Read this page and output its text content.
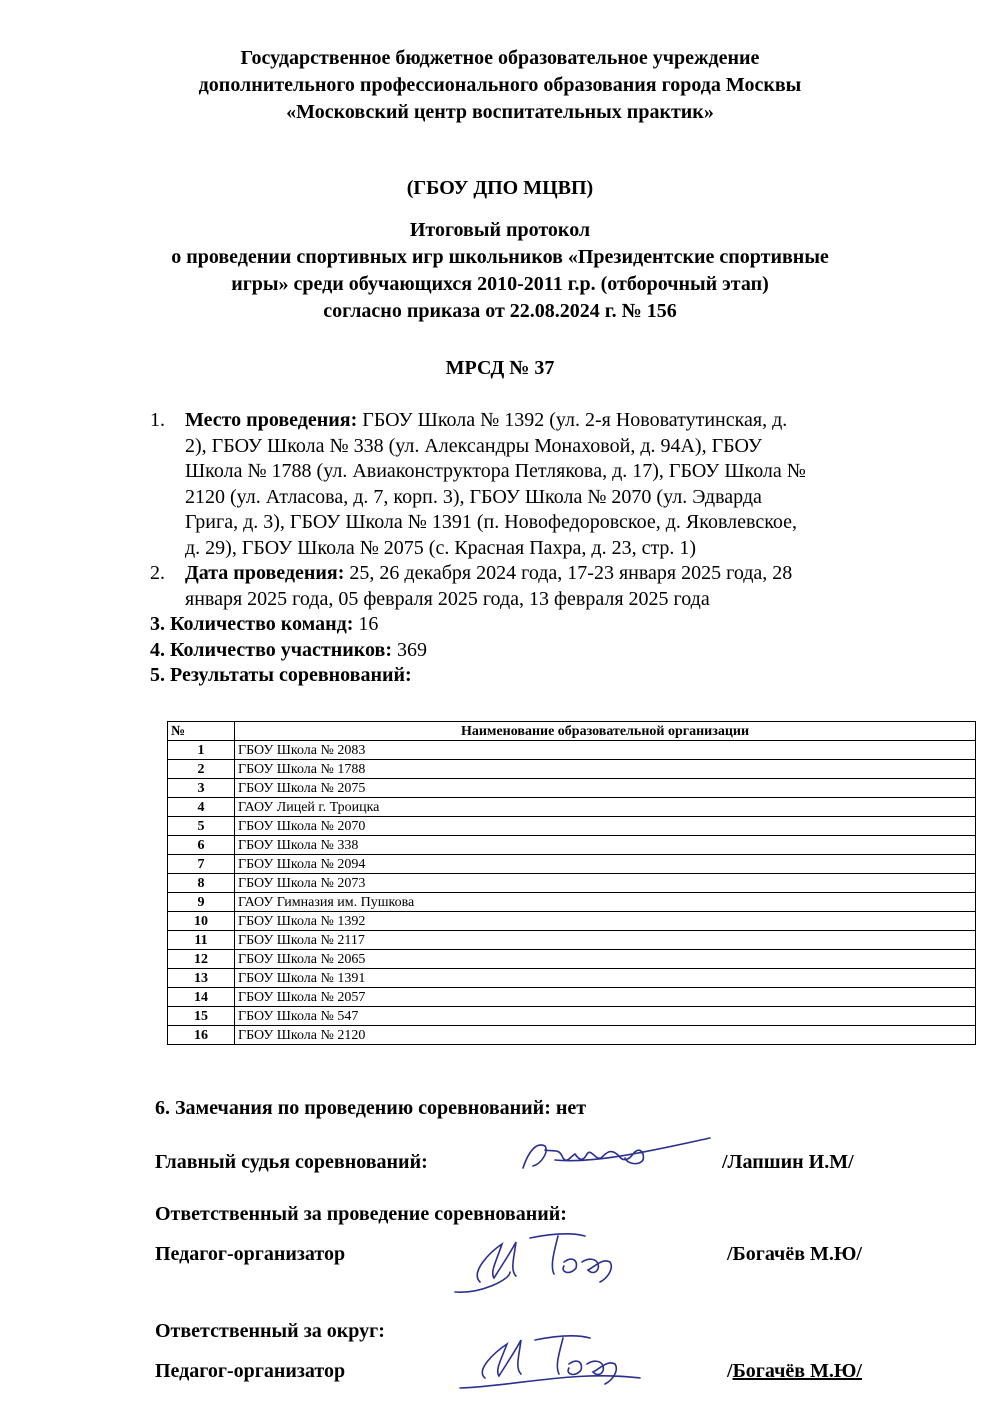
Государственное бюджетное образовательное учреждение
дополнительного профессионального образования города Москвы
«Московский центр воспитательных практик»
(ГБОУ ДПО МЦВП)
Итоговый протокол
о проведении спортивных игр школьников «Президентские спортивные
игры» среди обучающихся 2010-2011 г.р. (отборочный этап)
согласно приказа от 22.08.2024 г. № 156
МРСД № 37
1. Место проведения: ГБОУ Школа № 1392 (ул. 2-я Нововатутинская, д.
2), ГБОУ Школа № 338 (ул. Александры Монаховой, д. 94А), ГБОУ
Школа № 1788 (ул. Авиаконструктора Петлякова, д. 17), ГБОУ Школа №
2120 (ул. Атласова, д. 7, корп. 3), ГБОУ Школа № 2070 (ул. Эдварда
Грига, д. 3), ГБОУ Школа № 1391 (п. Новофедоровское, д. Яковлевское,
д. 29), ГБОУ Школа № 2075 (с. Красная Пахра, д. 23, стр. 1)
2. Дата проведения: 25, 26 декабря 2024 года, 17-23 января 2025 года, 28
января 2025 года, 05 февраля 2025 года, 13 февраля 2025 года
3. Количество команд: 16
4. Количество участников: 369
5. Результаты соревнований:
№	Наименование образовательной организации
1	ГБОУ Школа № 2083
2	ГБОУ Школа № 1788
3	ГБОУ Школа № 2075
4	ГАОУ Лицей г. Троицка
5	ГБОУ Школа № 2070
6	ГБОУ Школа № 338
7	ГБОУ Школа № 2094
8	ГБОУ Школа № 2073
9	ГАОУ Гимназия им. Пушкова
10	ГБОУ Школа № 1392
11	ГБОУ Школа № 2117
12	ГБОУ Школа № 2065
13	ГБОУ Школа № 1391
14	ГБОУ Школа № 2057
15	ГБОУ Школа № 547
16	ГБОУ Школа № 2120
6. Замечания по проведению соревнований: нет
Главный судья соревнований:	/Лапшин И.М/
Ответственный за проведение соревнований:
Педагог-организатор	/Богачёв М.Ю/
Ответственный за округ:
Педагог-организатор	/Богачёв М.Ю/
